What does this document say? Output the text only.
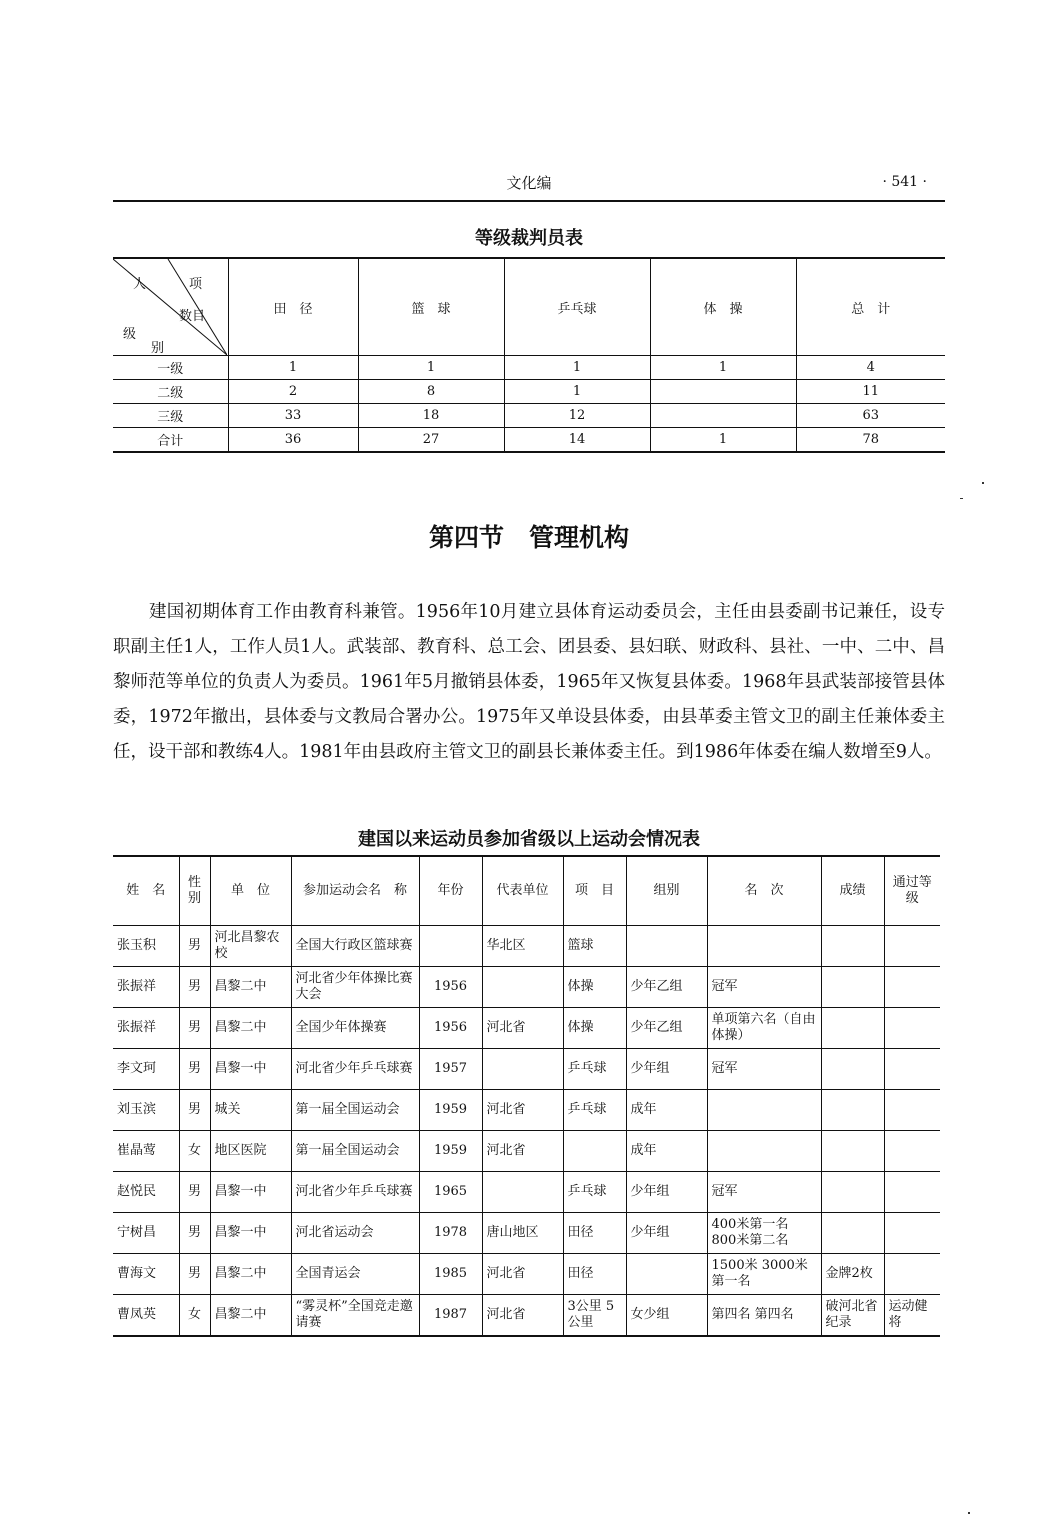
文化编	· 541 ·
等级裁判员表
人 项
数目
级
别	田　径	篮　球	乒乓球	体　操	总　计
一级	1	1	1	1	4
二级	2	8	1		11
三级	33	18	12		63
合计	36	27	14	1	78
第四节　管理机构
建国初期体育工作由教育科兼管。1956年10月建立县体育运动委员会，主任由县委副书记兼任，设专职副主任1人，工作人员1人。武装部、教育科、总工会、团县委、县妇联、财政科、县社、一中、二中、昌黎师范等单位的负责人为委员。1961年5月撤销县体委，1965年又恢复县体委。1968年县武装部接管县体委，1972年撤出，县体委与文教局合署办公。1975年又单设县体委，由县革委主管文卫的副主任兼体委主任，设干部和教练4人。1981年由县政府主管文卫的副县长兼体委主任。到1986年体委在编人数增至9人。
建国以来运动员参加省级以上运动会情况表
姓　名	性别	单　位	参加运动会名　称	年份	代表单位	项　目	组别	名　次	成绩	通过等级
张玉积	男	河北昌黎农校	全国大行政区篮球赛		华北区	篮球				
张振祥	男	昌黎二中	河北省少年体操比赛大会	1956		体操	少年乙组	冠军		
张振祥	男	昌黎二中	全国少年体操赛	1956	河北省	体操	少年乙组	单项第六名（自由体操）		
李文珂	男	昌黎一中	河北省少年乒乓球赛	1957		乒乓球	少年组	冠军		
刘玉滨	男	城关	第一届全国运动会	1959	河北省	乒乓球	成年			
崔晶莺	女	地区医院	第一届全国运动会	1959	河北省		成年			
赵悦民	男	昌黎一中	河北省少年乒乓球赛	1965		乒乓球	少年组	冠军		
宁树昌	男	昌黎一中	河北省运动会	1978	唐山地区	田径	少年组	400米第一名 800米第二名		
曹海文	男	昌黎二中	全国青运会	1985	河北省	田径		1500米 3000米第一名	金牌2枚	
曹凤英	女	昌黎二中	“雾灵杯”全国竞走邀请赛	1987	河北省	3公里 5公里	女少组	第四名 第四名	破河北省纪录	运动健将
